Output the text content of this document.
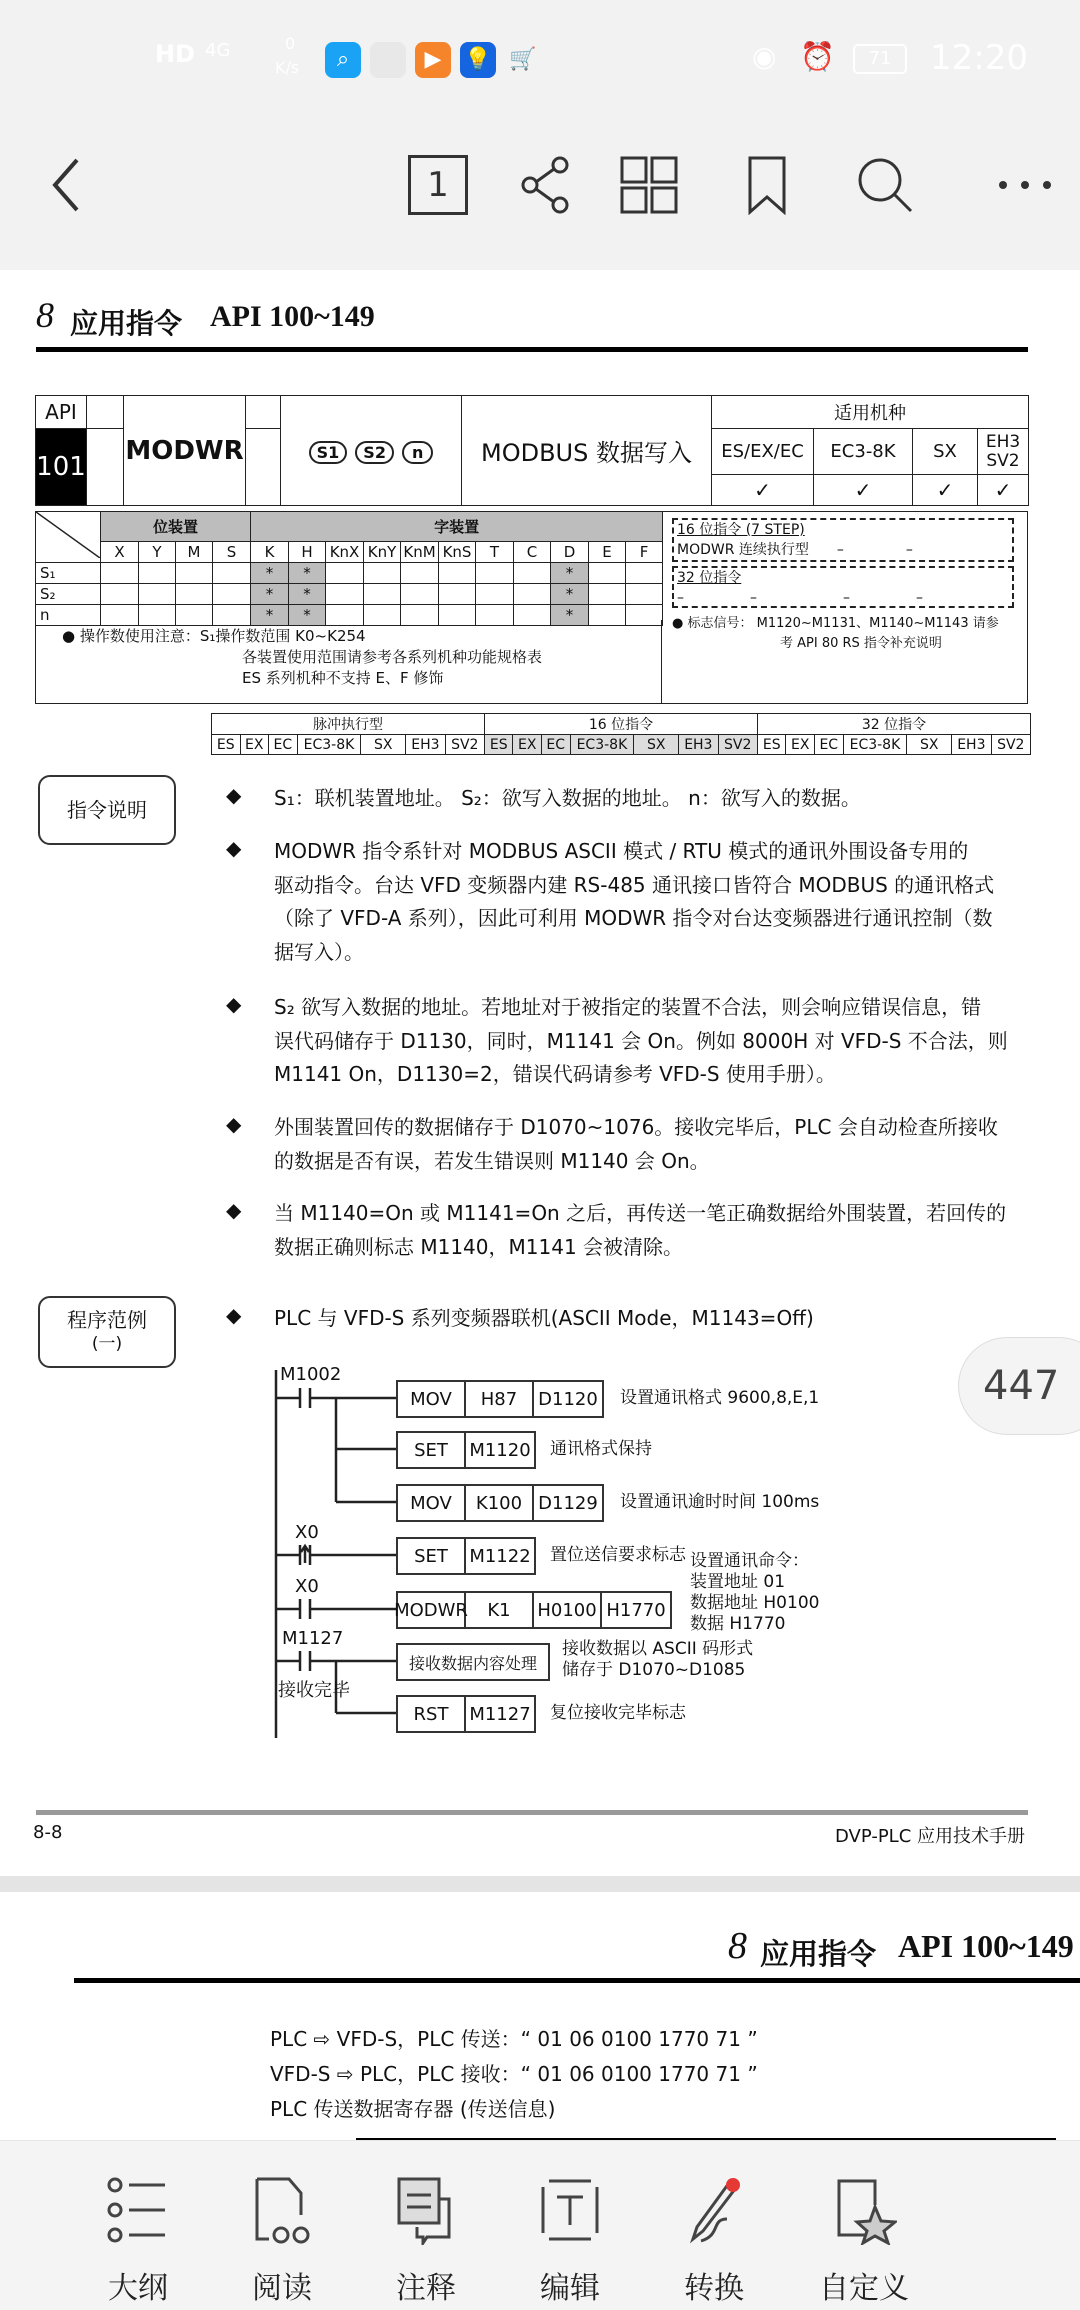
HD 4G	0
K/s	⌕	▶	💡 🛒	◉ ⏰	71	12:20
1
8 应用指令 API 100~149
API		MODWR		S1 S2 n	MODBUS 数据写入	适用机种			
101						ES/EX/EC	EC3-8K	SX	EH3 SV2
						✓	✓	✓	✓
	位装置				字装置										
	X	Y	M	S	K	H	KnX	KnY	KnM	KnS	T	C	D	E	F
S₁					*	*							*		
S₂					*	*							*		
n					*	*							*		
● 操作数使用注意：S₁操作数范围 K0~K254
各装置使用范围请参考各系列机种功能规格表
ES 系列机种不支持 E、F 修饰
16 位指令 (7 STEP)
MODWR 连续执行型 –	–
32 位指令
–	–	–	–
● 标志信号： M1120~M1131、M1140~M1143 请参
考 API 80 RS 指令补充说明
脉冲执行型							16 位指令							32 位指令						
ES	EX	EC	EC3-8K	SX	EH3	SV2	ES	EX	EC	EC3-8K	SX	EH3	SV2	ES	EX	EC	EC3-8K	SX	EH3	SV2
指令说明
◆ S₁：联机装置地址。 S₂：欲写入数据的地址。 n：欲写入的数据。
◆ MODWR 指令系针对 MODBUS ASCII 模式 / RTU 模式的通讯外围设备专用的
驱动指令。台达 VFD 变频器内建 RS-485 通讯接口皆符合 MODBUS 的通讯格式
（除了 VFD-A 系列），因此可利用 MODWR 指令对台达变频器进行通讯控制（数
据写入）。
◆ S₂ 欲写入数据的地址。若地址对于被指定的装置不合法，则会响应错误信息，错
误代码储存于 D1130，同时，M1141 会 On。例如 8000H 对 VFD-S 不合法，则
M1141 On，D1130=2，错误代码请参考 VFD-S 使用手册）。
◆ 外围装置回传的数据储存于 D1070~1076。接收完毕后，PLC 会自动检查所接收
的数据是否有误，若发生错误则 M1140 会 On。
◆ 当 M1140=On 或 M1141=On 之后，再传送一笔正确数据给外围装置，若回传的
数据正确则标志 M1140，M1141 会被清除。
程序范例
(一)
◆ PLC 与 VFD-S 系列变频器联机(ASCII Mode，M1143=Off)
M1002
X0
X0
M1127
接收完毕
MOV	H87	D1120 设置通讯格式 9600,8,E,1
SET	M1120 通讯格式保持
MOV	K100 D1129 设置通讯逾时时间 100ms
SET	M1122 置位送信要求标志
MODWR	K1	H0100 H1770
设置通讯命令：
装置地址 01
数据地址 H0100
数据 H1770
接收数据内容处理
接收数据以 ASCII 码形式
储存于 D1070~D1085
RST	M1127 复位接收完毕标志
8-8	DVP-PLC 应用技术手册
447
8 应用指令 API 100~149
PLC ⇨ VFD-S，PLC 传送：“ 01 06 0100 1770 71 ”
VFD-S ⇨ PLC，PLC 接收：“ 01 06 0100 1770 71 ”
PLC 传送数据寄存器 (传送信息)
大纲	阅读	注释	编辑	转换	自定义
